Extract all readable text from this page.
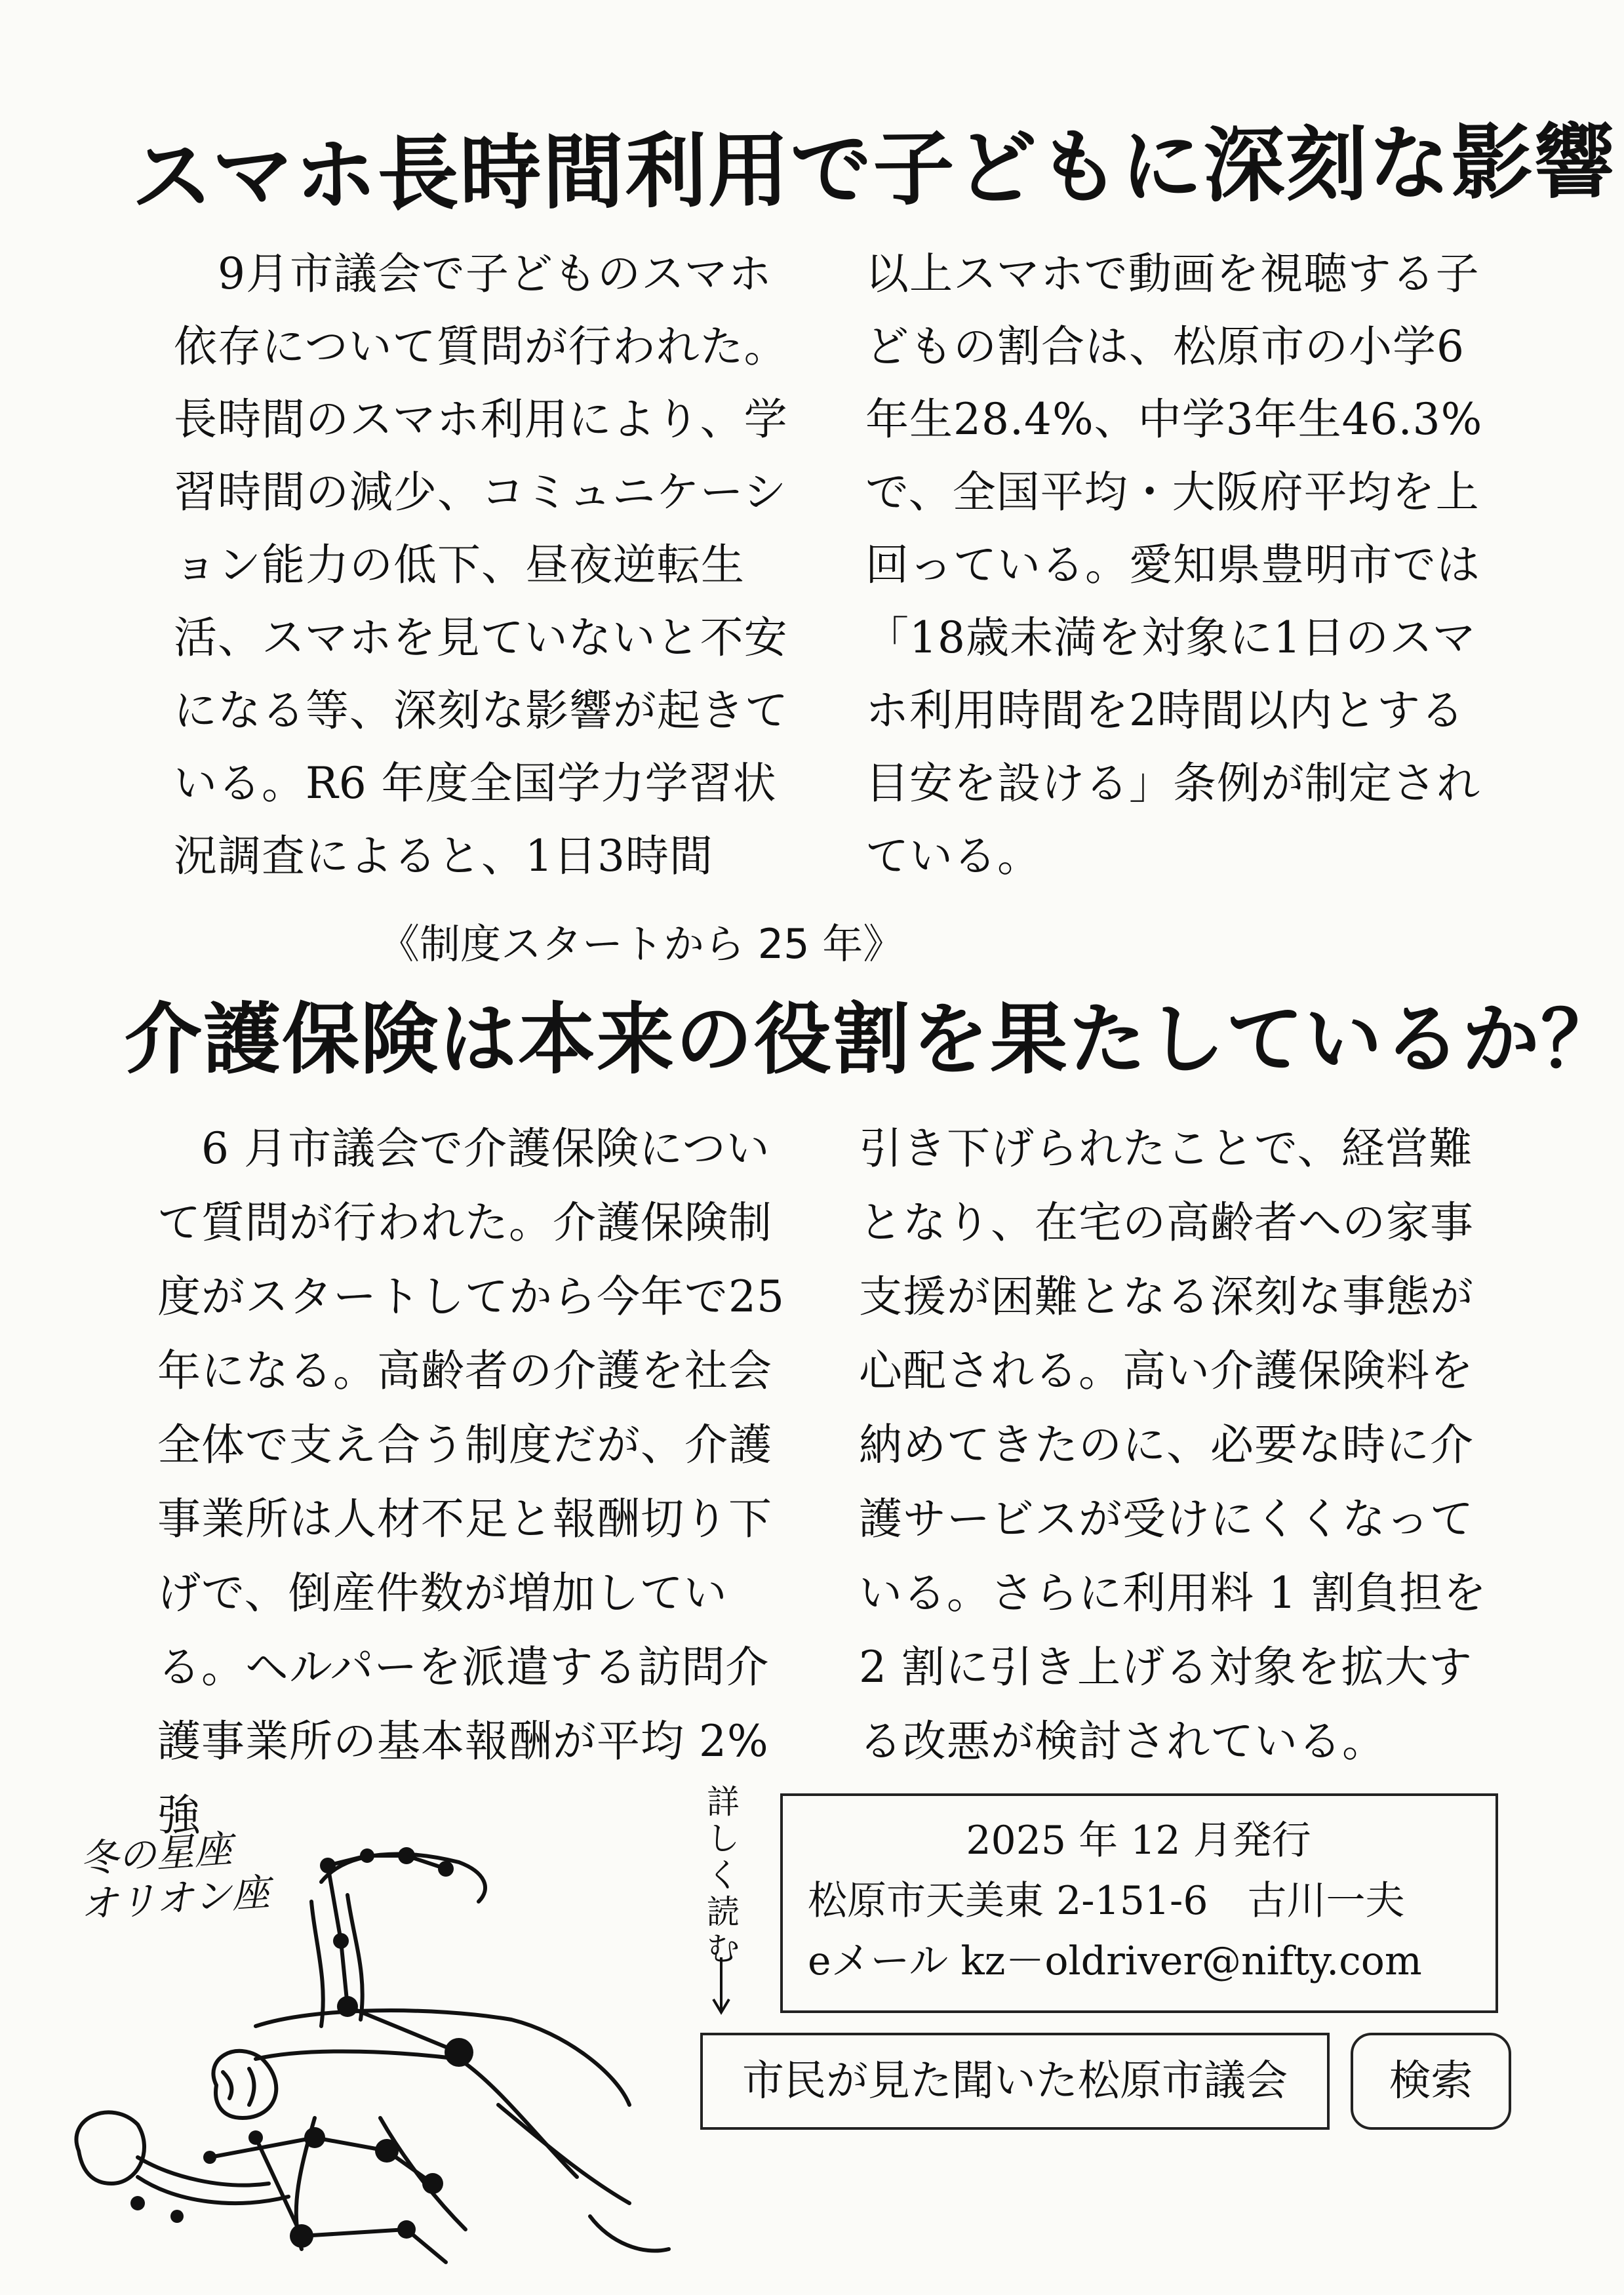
スマホ長時間利用で子どもに深刻な影響

　9月市議会で子どものスマホ依存について質問が行われた。長時間のスマホ利用により、学習時間の減少、コミュニケーション能力の低下、昼夜逆転生活、スマホを見ていないと不安になる等、深刻な影響が起きている。R6 年度全国学力学習状況調査によると、1日3時間

以上スマホで動画を視聴する子どもの割合は、松原市の小学6年生28.4%、中学3年生46.3%で、全国平均・大阪府平均を上回っている。愛知県豊明市では「18歳未満を対象に1日のスマホ利用時間を2時間以内とする目安を設ける」条例が制定されている。

《制度スタートから 25 年》
介護保険は本来の役割を果たしているか？

　6 月市議会で介護保険について質問が行われた。介護保険制度がスタートしてから今年で25年になる。高齢者の介護を社会全体で支え合う制度だが、介護事業所は人材不足と報酬切り下げで、倒産件数が増加している。ヘルパーを派遣する訪問介護事業所の基本報酬が平均 2%強

引き下げられたことで、経営難となり、在宅の高齢者への家事支援が困難となる深刻な事態が心配される。高い介護保険料を納めてきたのに、必要な時に介護サービスが受けにくくなっている。さらに利用料 1 割負担を 2 割に引き上げる対象を拡大する改悪が検討されている。

冬の星座
オリオン座
詳
し
く
読
む
2025 年 12 月発行
松原市天美東 2-151-6　古川一夫
eメール kz－oldriver@nifty.com
市民が見た聞いた松原市議会	検索
